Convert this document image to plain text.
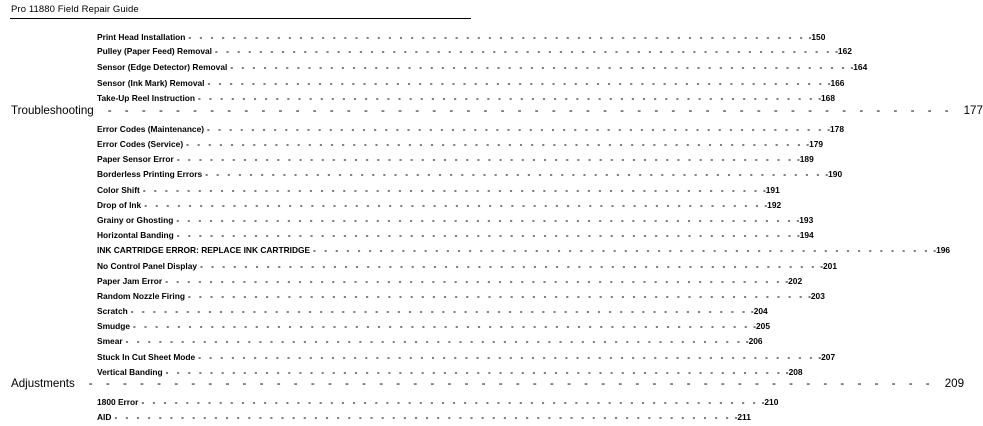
Pro 11880 Field Repair Guide
Print Head Installation - - - - - - - - - - - - - - - - - - - - - - - - - - - - - - - - - - - - - - - - - - - - - - - - - - - - - - - - -150
Pulley (Paper Feed) Removal - - - - - - - - - - - - - - - - - - - - - - - - - - - - - - - - - - - - - - - - - - - - - - - - - - - - - - - - -162
Sensor (Edge Detector) Removal - - - - - - - - - - - - - - - - - - - - - - - - - - - - - - - - - - - - - - - - - - - - - - - - - - - - - - - - -164
Sensor (Ink Mark) Removal - - - - - - - - - - - - - - - - - - - - - - - - - - - - - - - - - - - - - - - - - - - - - - - - - - - - - - - - -166
Take-Up Reel Instruction - - - - - - - - - - - - - - - - - - - - - - - - - - - - - - - - - - - - - - - - - - - - - - - - - - - - - - - - -168
Troubleshooting - - - - - - - - - - - - - - - - - - - - - - - - - - - - - - - - - - - - - - - - - - - - - - - - - - 177
Error Codes (Maintenance) - - - - - - - - - - - - - - - - - - - - - - - - - - - - - - - - - - - - - - - - - - - - - - - - - - - - - - - - -178
Error Codes (Service) - - - - - - - - - - - - - - - - - - - - - - - - - - - - - - - - - - - - - - - - - - - - - - - - - - - - - - - - -179
Paper Sensor Error - - - - - - - - - - - - - - - - - - - - - - - - - - - - - - - - - - - - - - - - - - - - - - - - - - - - - - - - -189
Borderless Printing Errors - - - - - - - - - - - - - - - - - - - - - - - - - - - - - - - - - - - - - - - - - - - - - - - - - - - - - - - - -190
Color Shift - - - - - - - - - - - - - - - - - - - - - - - - - - - - - - - - - - - - - - - - - - - - - - - - - - - - - - - - -191
Drop of Ink - - - - - - - - - - - - - - - - - - - - - - - - - - - - - - - - - - - - - - - - - - - - - - - - - - - - - - - - -192
Grainy or Ghosting - - - - - - - - - - - - - - - - - - - - - - - - - - - - - - - - - - - - - - - - - - - - - - - - - - - - - - - - -193
Horizontal Banding - - - - - - - - - - - - - - - - - - - - - - - - - - - - - - - - - - - - - - - - - - - - - - - - - - - - - - - - -194
INK CARTRIDGE ERROR: REPLACE INK CARTRIDGE - - - - - - - - - - - - - - - - - - - - - - - - - - - - - - - - - - - - - - - - - - - - - - - - - - - - - - - - -196
No Control Panel Display - - - - - - - - - - - - - - - - - - - - - - - - - - - - - - - - - - - - - - - - - - - - - - - - - - - - - - - - -201
Paper Jam Error - - - - - - - - - - - - - - - - - - - - - - - - - - - - - - - - - - - - - - - - - - - - - - - - - - - - - - - - -202
Random Nozzle Firing - - - - - - - - - - - - - - - - - - - - - - - - - - - - - - - - - - - - - - - - - - - - - - - - - - - - - - - - -203
Scratch - - - - - - - - - - - - - - - - - - - - - - - - - - - - - - - - - - - - - - - - - - - - - - - - - - - - - - - - -204
Smudge - - - - - - - - - - - - - - - - - - - - - - - - - - - - - - - - - - - - - - - - - - - - - - - - - - - - - - - - -205
Smear - - - - - - - - - - - - - - - - - - - - - - - - - - - - - - - - - - - - - - - - - - - - - - - - - - - - - - - - -206
Stuck In Cut Sheet Mode - - - - - - - - - - - - - - - - - - - - - - - - - - - - - - - - - - - - - - - - - - - - - - - - - - - - - - - - -207
Vertical Banding - - - - - - - - - - - - - - - - - - - - - - - - - - - - - - - - - - - - - - - - - - - - - - - - - - - - - - - - -208
Adjustments - - - - - - - - - - - - - - - - - - - - - - - - - - - - - - - - - - - - - - - - - - - - - - - - - - 209
1800 Error - - - - - - - - - - - - - - - - - - - - - - - - - - - - - - - - - - - - - - - - - - - - - - - - - - - - - - - - -210
AID - - - - - - - - - - - - - - - - - - - - - - - - - - - - - - - - - - - - - - - - - - - - - - - - - - - - - - - - -211
